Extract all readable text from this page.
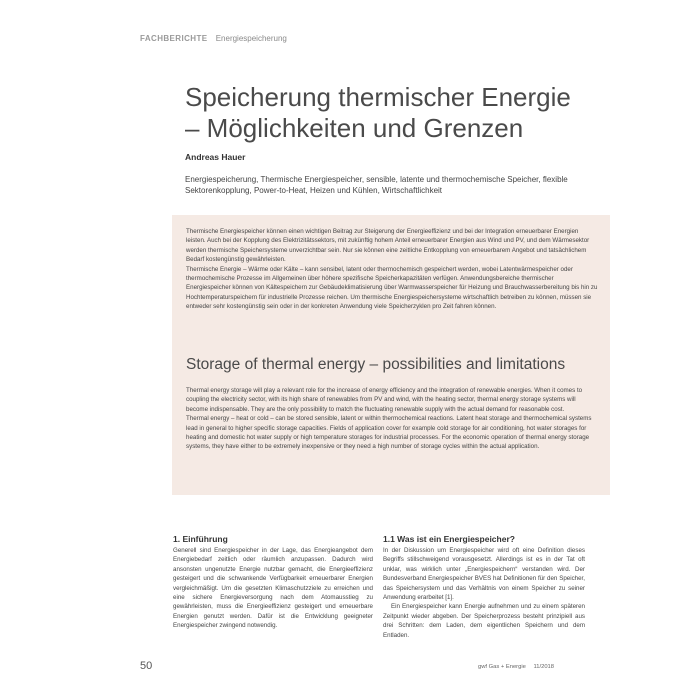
FACHBERICHTE Energiespeicherung
Speicherung thermischer Energie
– Möglichkeiten und Grenzen
Andreas Hauer
Energiespeicherung, Thermische Energiespeicher, sensible, latente und thermochemische Speicher, flexible Sektorenkopplung, Power-to-Heat, Heizen und Kühlen, Wirtschaftlichkeit

Thermische Energiespeicher können einen wichtigen Beitrag zur Steigerung der Energieeffizienz und bei der Integration erneuerbarer Energien leisten. Auch bei der Kopplung des Elektrizitätssektors, mit zukünftig hohem Anteil erneuerbarer Energien aus Wind und PV, und dem Wärmesektor werden thermische Speichersysteme unverzichtbar sein. Nur sie können eine zeitliche Entkopplung von erneuerbarem Angebot und tatsächlichem Bedarf kostengünstig gewährleisten.

Thermische Energie – Wärme oder Kälte – kann sensibel, latent oder thermochemisch gespeichert werden, wobei Latentwärmespeicher oder thermochemische Prozesse im Allgemeinen über höhere spezifische Speicherkapazitäten verfügen. Anwendungsbereiche thermischer Energiespeicher können von Kältespeichern zur Gebäudeklimatisierung über Warmwasserspeicher für Heizung und Brauchwasserbereitung bis hin zu Hochtemperaturspeichern für industrielle Prozesse reichen. Um thermische Energiespeichersysteme wirtschaftlich betreiben zu können, müssen sie entweder sehr kostengünstig sein oder in der konkreten Anwendung viele Speicherzyklen pro Zeit fahren können.

Storage of thermal energy – possibilities and limitations

Thermal energy storage will play a relevant role for the increase of energy efficiency and the integration of renewable energies. When it comes to coupling the electricity sector, with its high share of renewables from PV and wind, with the heating sector, thermal energy storage systems will become indispensable. They are the only possibility to match the fluctuating renewable supply with the actual demand for reasonable cost.

Thermal energy – heat or cold – can be stored sensible, latent or within thermochemical reactions. Latent heat storage and thermochemical systems lead in general to higher specific storage capacities. Fields of application cover for example cold storage for air conditioning, hot water storages for heating and domestic hot water supply or high temperature storages for industrial processes. For the economic operation of thermal energy storage systems, they have either to be extremely inexpensive or they need a high number of storage cycles within the actual application.

1. Einführung

Generell sind Energiespeicher in der Lage, das Energieangebot dem Energiebedarf zeitlich oder räumlich anzupassen. Dadurch wird ansonsten ungenutzte Energie nutzbar gemacht, die Energieeffizienz gesteigert und die schwankende Verfügbarkeit erneuerbarer Energien vergleichmäßigt. Um die gesetzten Klimaschutzziele zu erreichen und eine sichere Energieversorgung nach dem Atomausstieg zu gewährleisten, muss die Energieeffizienz gesteigert und erneuerbare Energien genutzt werden. Dafür ist die Entwicklung geeigneter Energiespeicher zwingend notwendig.

1.1 Was ist ein Energiespeicher?

In der Diskussion um Energiespeicher wird oft eine Definition dieses Begriffs stillschweigend vorausgesetzt. Allerdings ist es in der Tat oft unklar, was wirklich unter „Energiespeichern“ verstanden wird. Der Bundesverband Energiespeicher BVES hat Definitionen für den Speicher, das Speichersystem und das Verhältnis von einem Speicher zu seiner Anwendung erarbeitet [1].

Ein Energiespeicher kann Energie aufnehmen und zu einem späteren Zeitpunkt wieder abgeben. Der Speicherprozess besteht prinzipiell aus drei Schritten: dem Laden, dem eigentlichen Speichern und dem Entladen.

50	gwf Gas + Energie 11/2018
